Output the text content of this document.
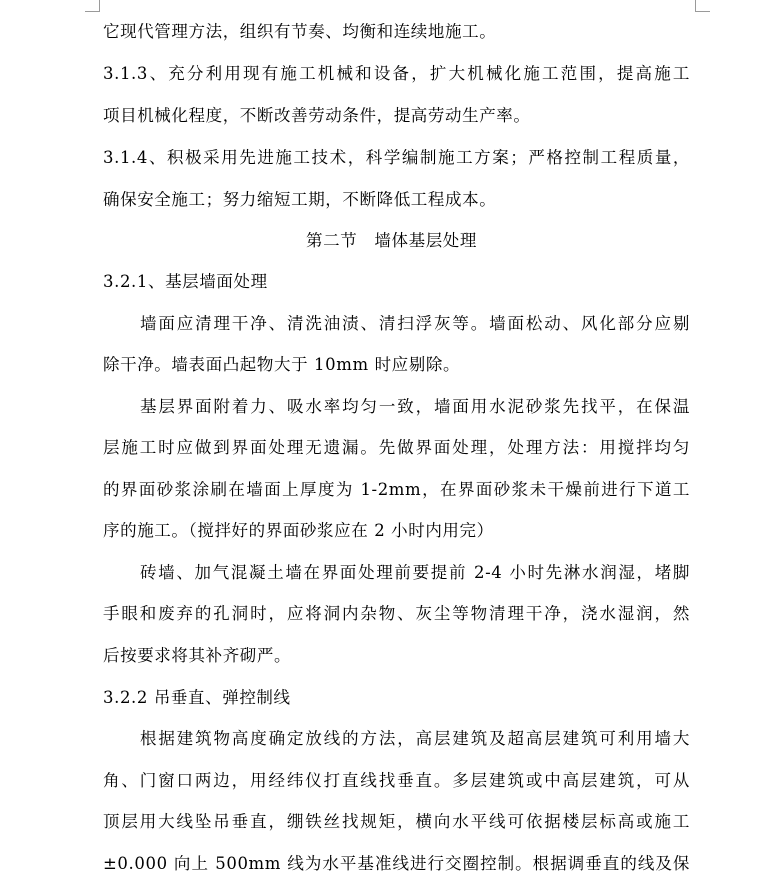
它现代管理方法，组织有节奏、均衡和连续地施工。
3.1.3、充分利用现有施工机械和设备，扩大机械化施工范围，提高施工
项目机械化程度，不断改善劳动条件，提高劳动生产率。
3.1.4、积极采用先进施工技术，科学编制施工方案；严格控制工程质量，
确保安全施工；努力缩短工期，不断降低工程成本。
第二节　墙体基层处理
3.2.1、基层墙面处理
墙面应清理干净、清洗油渍、清扫浮灰等。墙面松动、风化部分应剔
除干净。墙表面凸起物大于 10mm 时应剔除。
基层界面附着力、吸水率均匀一致，墙面用水泥砂浆先找平，在保温
层施工时应做到界面处理无遗漏。先做界面处理，处理方法：用搅拌均匀
的界面砂浆涂刷在墙面上厚度为 1-2mm，在界面砂浆未干燥前进行下道工
序的施工。（搅拌好的界面砂浆应在 2 小时内用完）
砖墙、加气混凝土墙在界面处理前要提前 2-4 小时先淋水润湿，堵脚
手眼和废弃的孔洞时，应将洞内杂物、灰尘等物清理干净，浇水湿润，然
后按要求将其补齐砌严。
3.2.2 吊垂直、弹控制线
根据建筑物高度确定放线的方法，高层建筑及超高层建筑可利用墙大
角、门窗口两边，用经纬仪打直线找垂直。多层建筑或中高层建筑，可从
顶层用大线坠吊垂直，绷铁丝找规矩，横向水平线可依据楼层标高或施工
±0.000 向上 500mm 线为水平基准线进行交圈控制。根据调垂直的线及保
